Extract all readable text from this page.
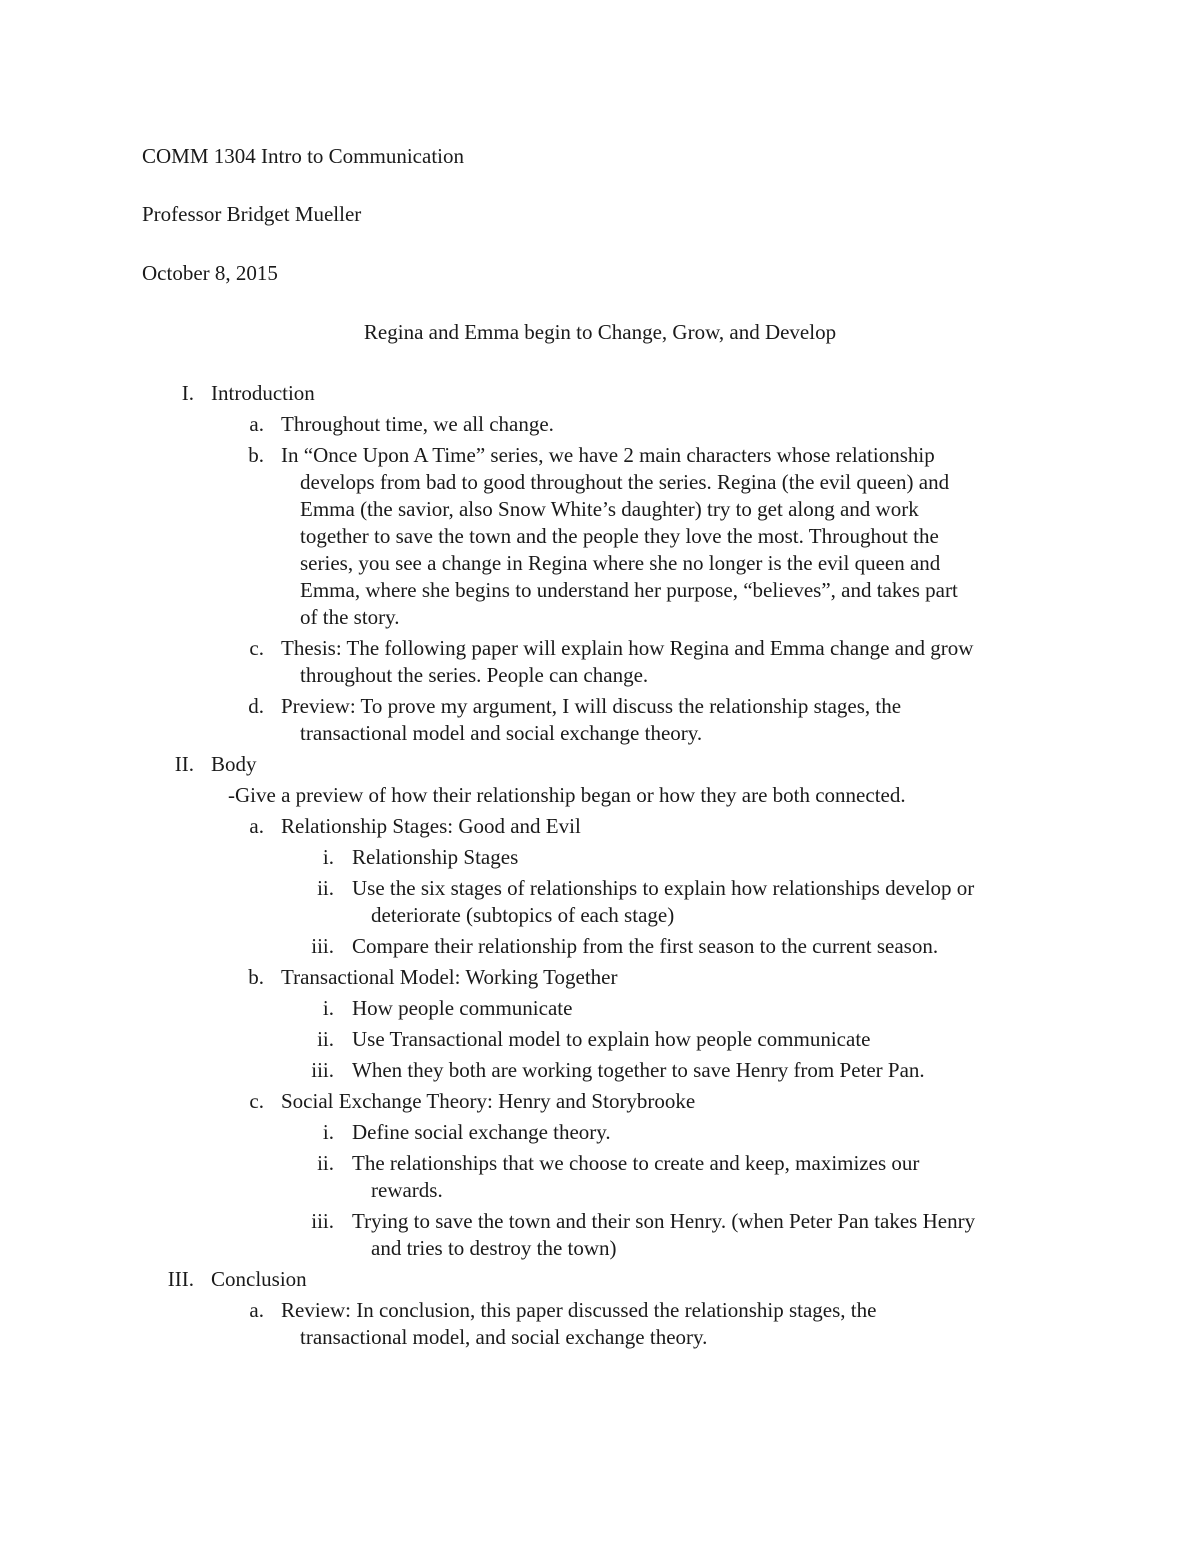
COMM 1304 Intro to Communication
Professor Bridget Mueller
October 8, 2015
Regina and Emma begin to Change, Grow, and Develop
I. Introduction
a. Throughout time, we all change.
b. In “Once Upon A Time” series, we have 2 main characters whose relationship
develops from bad to good throughout the series. Regina (the evil queen) and
Emma (the savior, also Snow White’s daughter) try to get along and work
together to save the town and the people they love the most. Throughout the
series, you see a change in Regina where she no longer is the evil queen and
Emma, where she begins to understand her purpose, “believes”, and takes part
of the story.
c. Thesis: The following paper will explain how Regina and Emma change and grow
throughout the series. People can change.
d. Preview: To prove my argument, I will discuss the relationship stages, the
transactional model and social exchange theory.
II. Body
-Give a preview of how their relationship began or how they are both connected.
a. Relationship Stages: Good and Evil
i. Relationship Stages
ii. Use the six stages of relationships to explain how relationships develop or
deteriorate (subtopics of each stage)
iii. Compare their relationship from the first season to the current season.
b. Transactional Model: Working Together
i. How people communicate
ii. Use Transactional model to explain how people communicate
iii. When they both are working together to save Henry from Peter Pan.
c. Social Exchange Theory: Henry and Storybrooke
i. Define social exchange theory.
ii. The relationships that we choose to create and keep, maximizes our
rewards.
iii. Trying to save the town and their son Henry. (when Peter Pan takes Henry
and tries to destroy the town)
III. Conclusion
a. Review: In conclusion, this paper discussed the relationship stages, the
transactional model, and social exchange theory.
